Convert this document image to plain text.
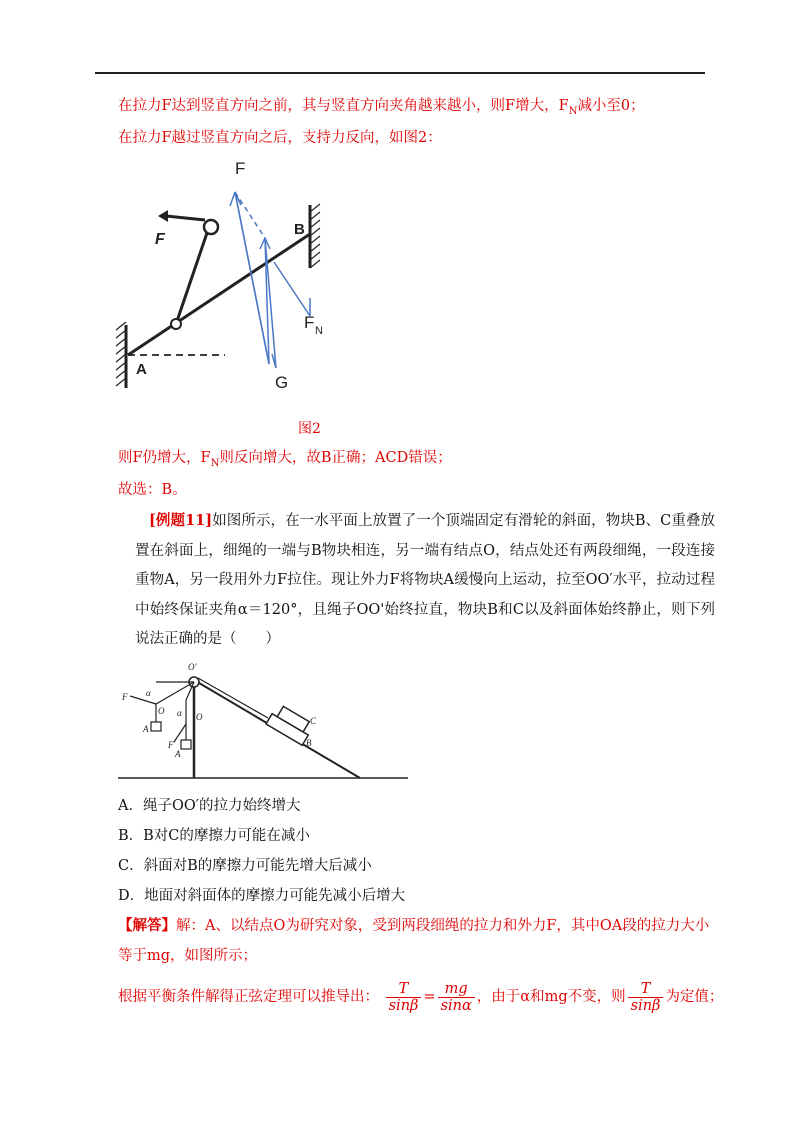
在拉力F达到竖直方向之前，其与竖直方向夹角越来越小，则F增大，$F_N$减小至0；
在拉力F越过竖直方向之后，支持力反向，如图2：
F
F
B
A
F N
G
图2
则F仍增大，$F_N$则反向增大，故B正确；ACD错误；
故选：B。
[例题11]如图所示，在一水平面上放置了一个顶端固定有滑轮的斜面，物块B、C重叠放置在斜面上，细绳的一端与B物块相连，另一端有结点O，结点处还有两段细绳，一段连接重物A，另一段用外力F拉住。现让外力F将物块A缓慢向上运动，拉至OO′水平，拉动过程中始终保证夹角α＝120°，且绳子OO'始终拉直，物块B和C以及斜面体始终静止，则下列说法正确的是（　　）
O'
F α
O
A
α O
F
A
C
B
A．绳子OO′的拉力始终增大
B．B对C的摩擦力可能在减小
C．斜面对B的摩擦力可能先增大后减小
D．地面对斜面体的摩擦力可能先减小后增大
【解答】解：A、以结点O为研究对象，受到两段细绳的拉力和外力F，其中OA段的拉力大小
等于mg，如图所示；
根据平衡条件解得正弦定理可以推导出： $\frac{T}{\sin\beta} = \frac{mg}{\sin\alpha}$ ，由于α和mg不变，则 $\frac{T}{\sin\beta}$ 为定值；
